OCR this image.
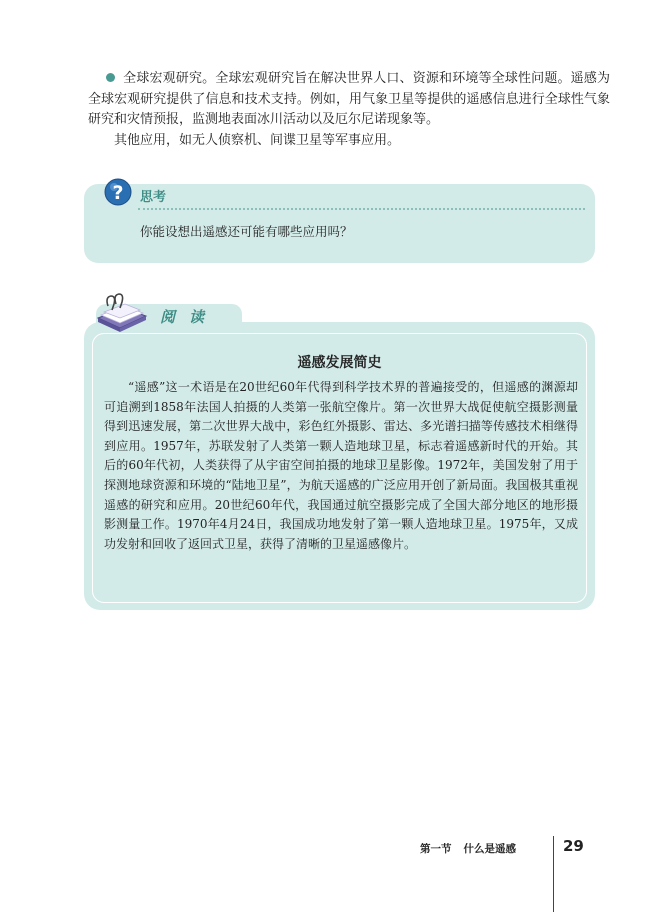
全球宏观研究。全球宏观研究旨在解决世界人口、资源和环境等全球性问题。遥感为全球宏观研究提供了信息和技术支持。例如，用气象卫星等提供的遥感信息进行全球性气象研究和灾情预报，监测地表面冰川活动以及厄尔尼诺现象等。

其他应用，如无人侦察机、间谍卫星等军事应用。

? 思考
你能设想出遥感还可能有哪些应用吗？
阅读
遥感发展简史

“遥感”这一术语是在20世纪60年代得到科学技术界的普遍接受的，但遥感的渊源却可追溯到1858年法国人拍摄的人类第一张航空像片。第一次世界大战促使航空摄影测量得到迅速发展，第二次世界大战中，彩色红外摄影、雷达、多光谱扫描等传感技术相继得到应用。1957年，苏联发射了人类第一颗人造地球卫星，标志着遥感新时代的开始。其后的60年代初，人类获得了从宇宙空间拍摄的地球卫星影像。1972年，美国发射了用于探测地球资源和环境的“陆地卫星”，为航天遥感的广泛应用开创了新局面。我国极其重视遥感的研究和应用。20世纪60年代，我国通过航空摄影完成了全国大部分地区的地形摄影测量工作。1970年4月24日，我国成功地发射了第一颗人造地球卫星。1975年，又成功发射和回收了返回式卫星，获得了清晰的卫星遥感像片。

第一节 什么是遥感	29
